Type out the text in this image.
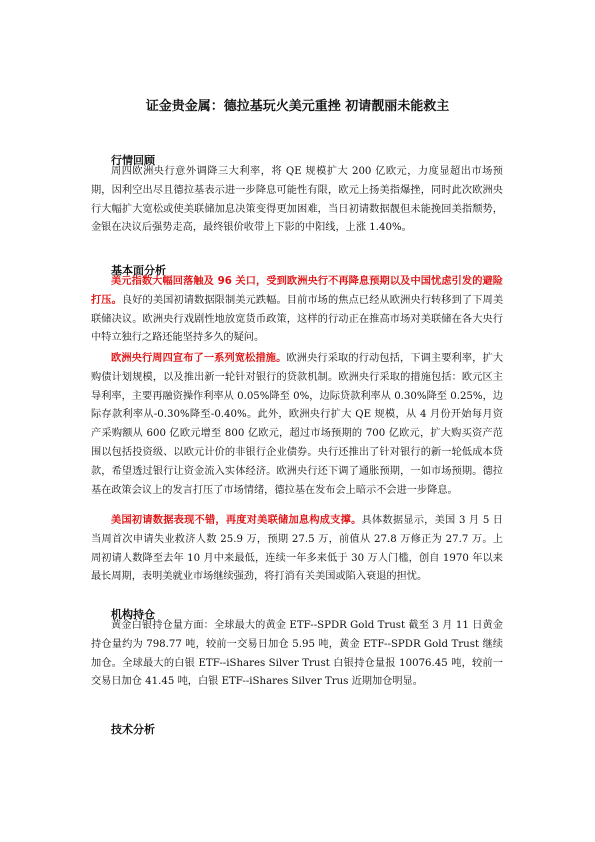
证金贵金属：德拉基玩火美元重挫 初请靓丽未能救主
行情回顾

周四欧洲央行意外调降三大利率，将 QE 规模扩大 200 亿欧元，力度显超出市场预期，因利空出尽且德拉基表示进一步降息可能性有限，欧元上扬美指爆挫，同时此次欧洲央行大幅扩大宽松或使美联储加息决策变得更加困难，当日初请数据靓但未能挽回美指颓势，金银在决议后强势走高，最终银价收带上下影的中阳线，上涨 1.40%。

基本面分析

美元指数大幅回落触及 96 关口，受到欧洲央行不再降息预期以及中国忧虑引发的避险打压。良好的美国初请数据限制美元跌幅。目前市场的焦点已经从欧洲央行转移到了下周美联储决议。欧洲央行戏剧性地放宽货币政策，这样的行动正在推高市场对美联储在各大央行中特立独行之路还能坚持多久的疑问。

欧洲央行周四宣布了一系列宽松措施。欧洲央行采取的行动包括，下调主要利率，扩大购债计划规模，以及推出新一轮针对银行的贷款机制。欧洲央行采取的措施包括：欧元区主导利率，主要再融资操作利率从 0.05%降至 0%，边际贷款利率从 0.30%降至 0.25%，边际存款利率从-0.30%降至-0.40%。此外，欧洲央行扩大 QE 规模，从 4 月份开始每月资产采购额从 600 亿欧元增至 800 亿欧元，超过市场预期的 700 亿欧元，扩大购买资产范围以包括投资级、以欧元计价的非银行企业债券。央行还推出了针对银行的新一轮低成本贷款，希望透过银行让资金流入实体经济。欧洲央行还下调了通胀预期，一如市场预期。德拉基在政策会议上的发言打压了市场情绪，德拉基在发布会上暗示不会进一步降息。

美国初请数据表现不错，再度对美联储加息构成支撑。具体数据显示，美国 3 月 5 日当周首次申请失业救济人数 25.9 万，预期 27.5 万，前值从 27.8 万修正为 27.7 万。上周初请人数降至去年 10 月中来最低，连续一年多来低于 30 万人门槛，创自 1970 年以来最长周期，表明美就业市场继续强劲，将打消有关美国或陷入衰退的担忧。

机构持仓

黄金白银持仓量方面：全球最大的黄金 ETF--SPDR Gold Trust 截至 3 月 11 日黄金持仓量约为 798.77 吨，较前一交易日加仓 5.95 吨，黄金 ETF--SPDR Gold Trust 继续加仓。全球最大的白银 ETF--iShares Silver Trust 白银持仓量报 10076.45 吨，较前一交易日加仓 41.45 吨，白银 ETF--iShares Silver Trus 近期加仓明显。

技术分析
